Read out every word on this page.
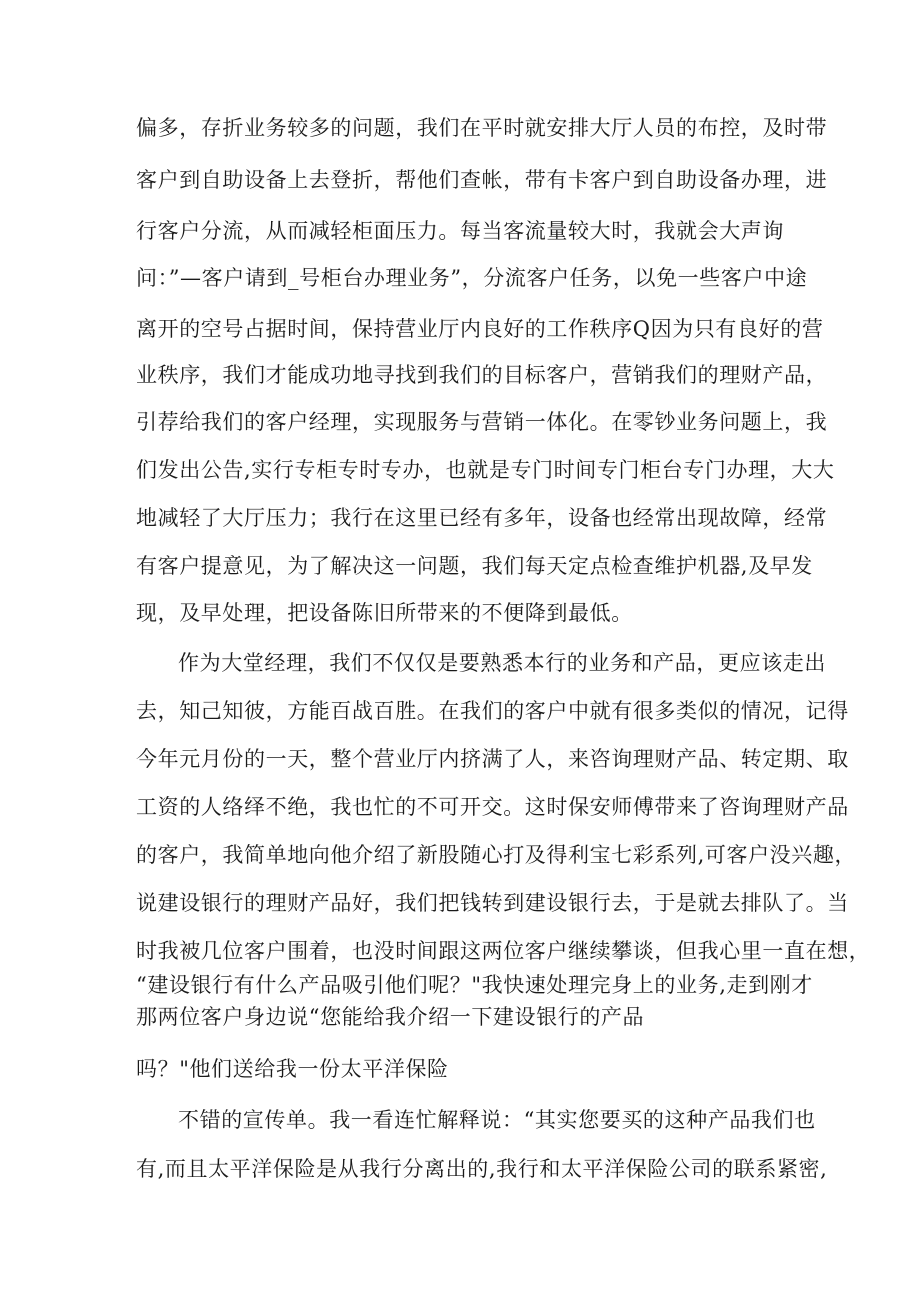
偏多，存折业务较多的问题，我们在平时就安排大厅人员的布控，及时带
客户到自助设备上去登折，帮他们查帐，带有卡客户到自助设备办理，进
行客户分流，从而减轻柜面压力。每当客流量较大时，我就会大声询
问：”—客户请到_号柜台办理业务”，分流客户任务，以免一些客户中途
离开的空号占据时间，保持营业厅内良好的工作秩序Q因为只有良好的营
业秩序，我们才能成功地寻找到我们的目标客户，营销我们的理财产品，
引荐给我们的客户经理，实现服务与营销一体化。在零钞业务问题上，我
们发出公告,实行专柜专时专办，也就是专门时间专门柜台专门办理，大大
地减轻了大厅压力；我行在这里已经有多年，设备也经常出现故障，经常
有客户提意见，为了解决这一问题，我们每天定点检查维护机器,及早发
现，及早处理，把设备陈旧所带来的不便降到最低。
作为大堂经理，我们不仅仅是要熟悉本行的业务和产品，更应该走出
去，知己知彼，方能百战百胜。在我们的客户中就有很多类似的情况，记得
今年元月份的一天，整个营业厅内挤满了人，来咨询理财产品、转定期、取
工资的人络绎不绝，我也忙的不可开交。这时保安师傅带来了咨询理财产品
的客户，我简单地向他介绍了新股随心打及得利宝七彩系列,可客户没兴趣，
说建设银行的理财产品好，我们把钱转到建设银行去，于是就去排队了。当
时我被几位客户围着，也没时间跟这两位客户继续攀谈，但我心里一直在想，
“建设银行有什么产品吸引他们呢？"我快速处理完身上的业务,走到刚才
那两位客户身边说“您能给我介绍一下建设银行的产品
吗？"他们送给我一份太平洋保险
不错的宣传单。我一看连忙解释说：“其实您要买的这种产品我们也
有,而且太平洋保险是从我行分离出的,我行和太平洋保险公司的联系紧密,
